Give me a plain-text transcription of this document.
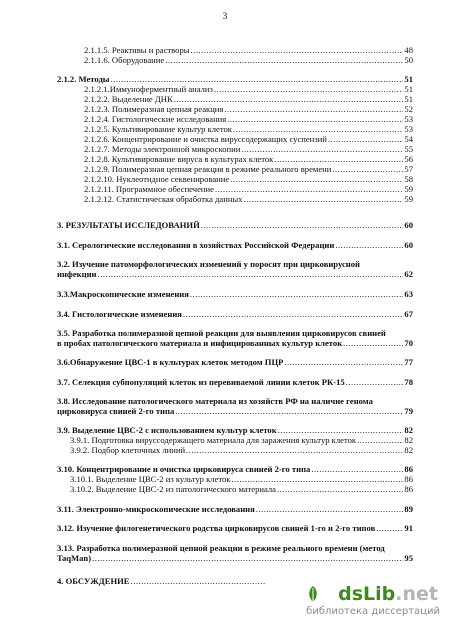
3
2.1.1.5. Реактивы и растворы .....	48
2.1.1.6. Оборудование .....	50
2.1.2. Методы .....	51
2.1.2.1.Иммуноферментный анализ .....	51
2.1.2.2. Выделение ДНК .....	51
2.1.2.3. Полимеразная цепная реакция .....	52
2.1.2.4. Гистологические исследования .....	53
2.1.2.5. Культивирование культур клеток .....	53
2.1.2.6. Концентрирование и очистка вируссодержащих суспензий .....	54
2.1.2.7. Методы электронной микроскопии .....	55
2.1.2.8. Культивирование вируса в культурах клеток .....	56
2.1.2.9. Полимеразная цепная реакция в режиме реального времени .....	57
2.1.2.10. Нуклеотидное секвенирование .....	58
2.1.2.11. Программное обеспечение .....	59
2.1.2.12. Статистическая обработка данных .....	59
3. РЕЗУЛЬТАТЫ ИССЛЕДОВАНИЙ .....	60
3.1. Серологические исследования в хозяйствах Российской Федерации .....	60
3.2. Изучение патоморфологических изменений у поросят при цирковирусной
инфекции .....	62
3.3.Макроскопические изменения .....	63
3.4. Гистологические изменения .....	67
3.5. Разработка полимеразной цепной реакции для выявления цирковирусов свиней
в пробах патологического материала и инфицированных культур клеток .....	70
3.6.Обнаружение ЦВС-1 в культурах клеток методом ПЦР .....	77
3.7. Селекция субпопуляций клеток из перевиваемой линии клеток РК-15 .....	78
3.8. Исследование патологического материала из хозяйств РФ на наличие генома
цирковируса свиней 2-го типа .....	79
3.9. Выделение ЦВС-2 с использованием культур клеток .....	82
3.9.1. Подготовка вируссодержащего материала для заражения культур клеток .....	82
3.9.2. Подбор клеточных линий .....	82
3.10. Концентрирование и очистка цирковируса свиней 2-го типа .....	86
3.10.1. Выделение ЦВС-2 из культур клеток .....	86
3.10.2. Выделение ЦВС-2 из патологического материала .....	86
3.11. Электронно-микроскопические исследования .....	89
3.12. Изучение филогенетического родства цирковирусов свиней 1-го и 2-го типов .....	91
3.13. Разработка полимеразной цепной реакции в режиме реального времени (метод
TaqMan) .....	95
4. ОБСУЖДЕНИЕ
.....
dsLib.net
библиотека диссертаций
